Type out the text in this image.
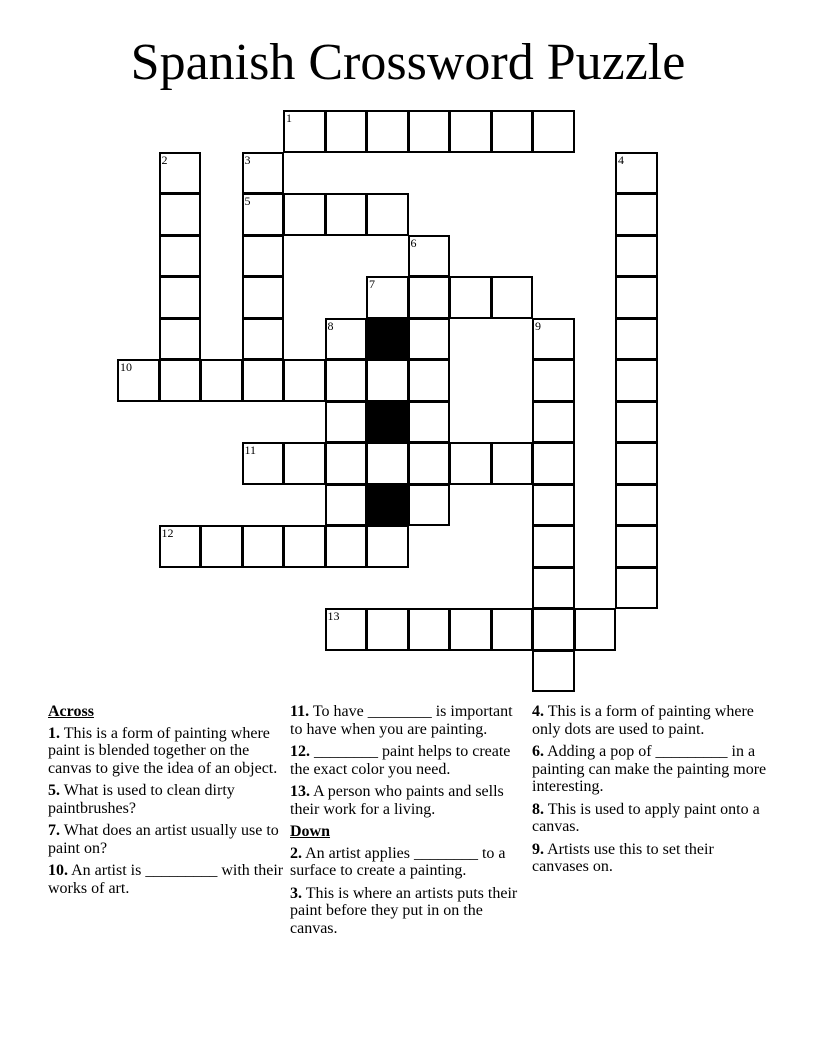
Spanish Crossword Puzzle
1
2	3	4
5
6
7
8	9
10
11
12
13
Across
1. This is a form of painting where paint is blended together on the canvas to give the idea of an object.
5. What is used to clean dirty paintbrushes?
7. What does an artist usually use to paint on?
10. An artist is _________ with their works of art.
11. To have ________ is important to have when you are painting.
12. ________ paint helps to create the exact color you need.
13. A person who paints and sells their work for a living.
Down
2. An artist applies ________ to a surface to create a painting.
3. This is where an artists puts their paint before they put in on the canvas.
4. This is a form of painting where only dots are used to paint.
6. Adding a pop of _________ in a painting can make the painting more interesting.
8. This is used to apply paint onto a canvas.
9. Artists use this to set their canvases on.
